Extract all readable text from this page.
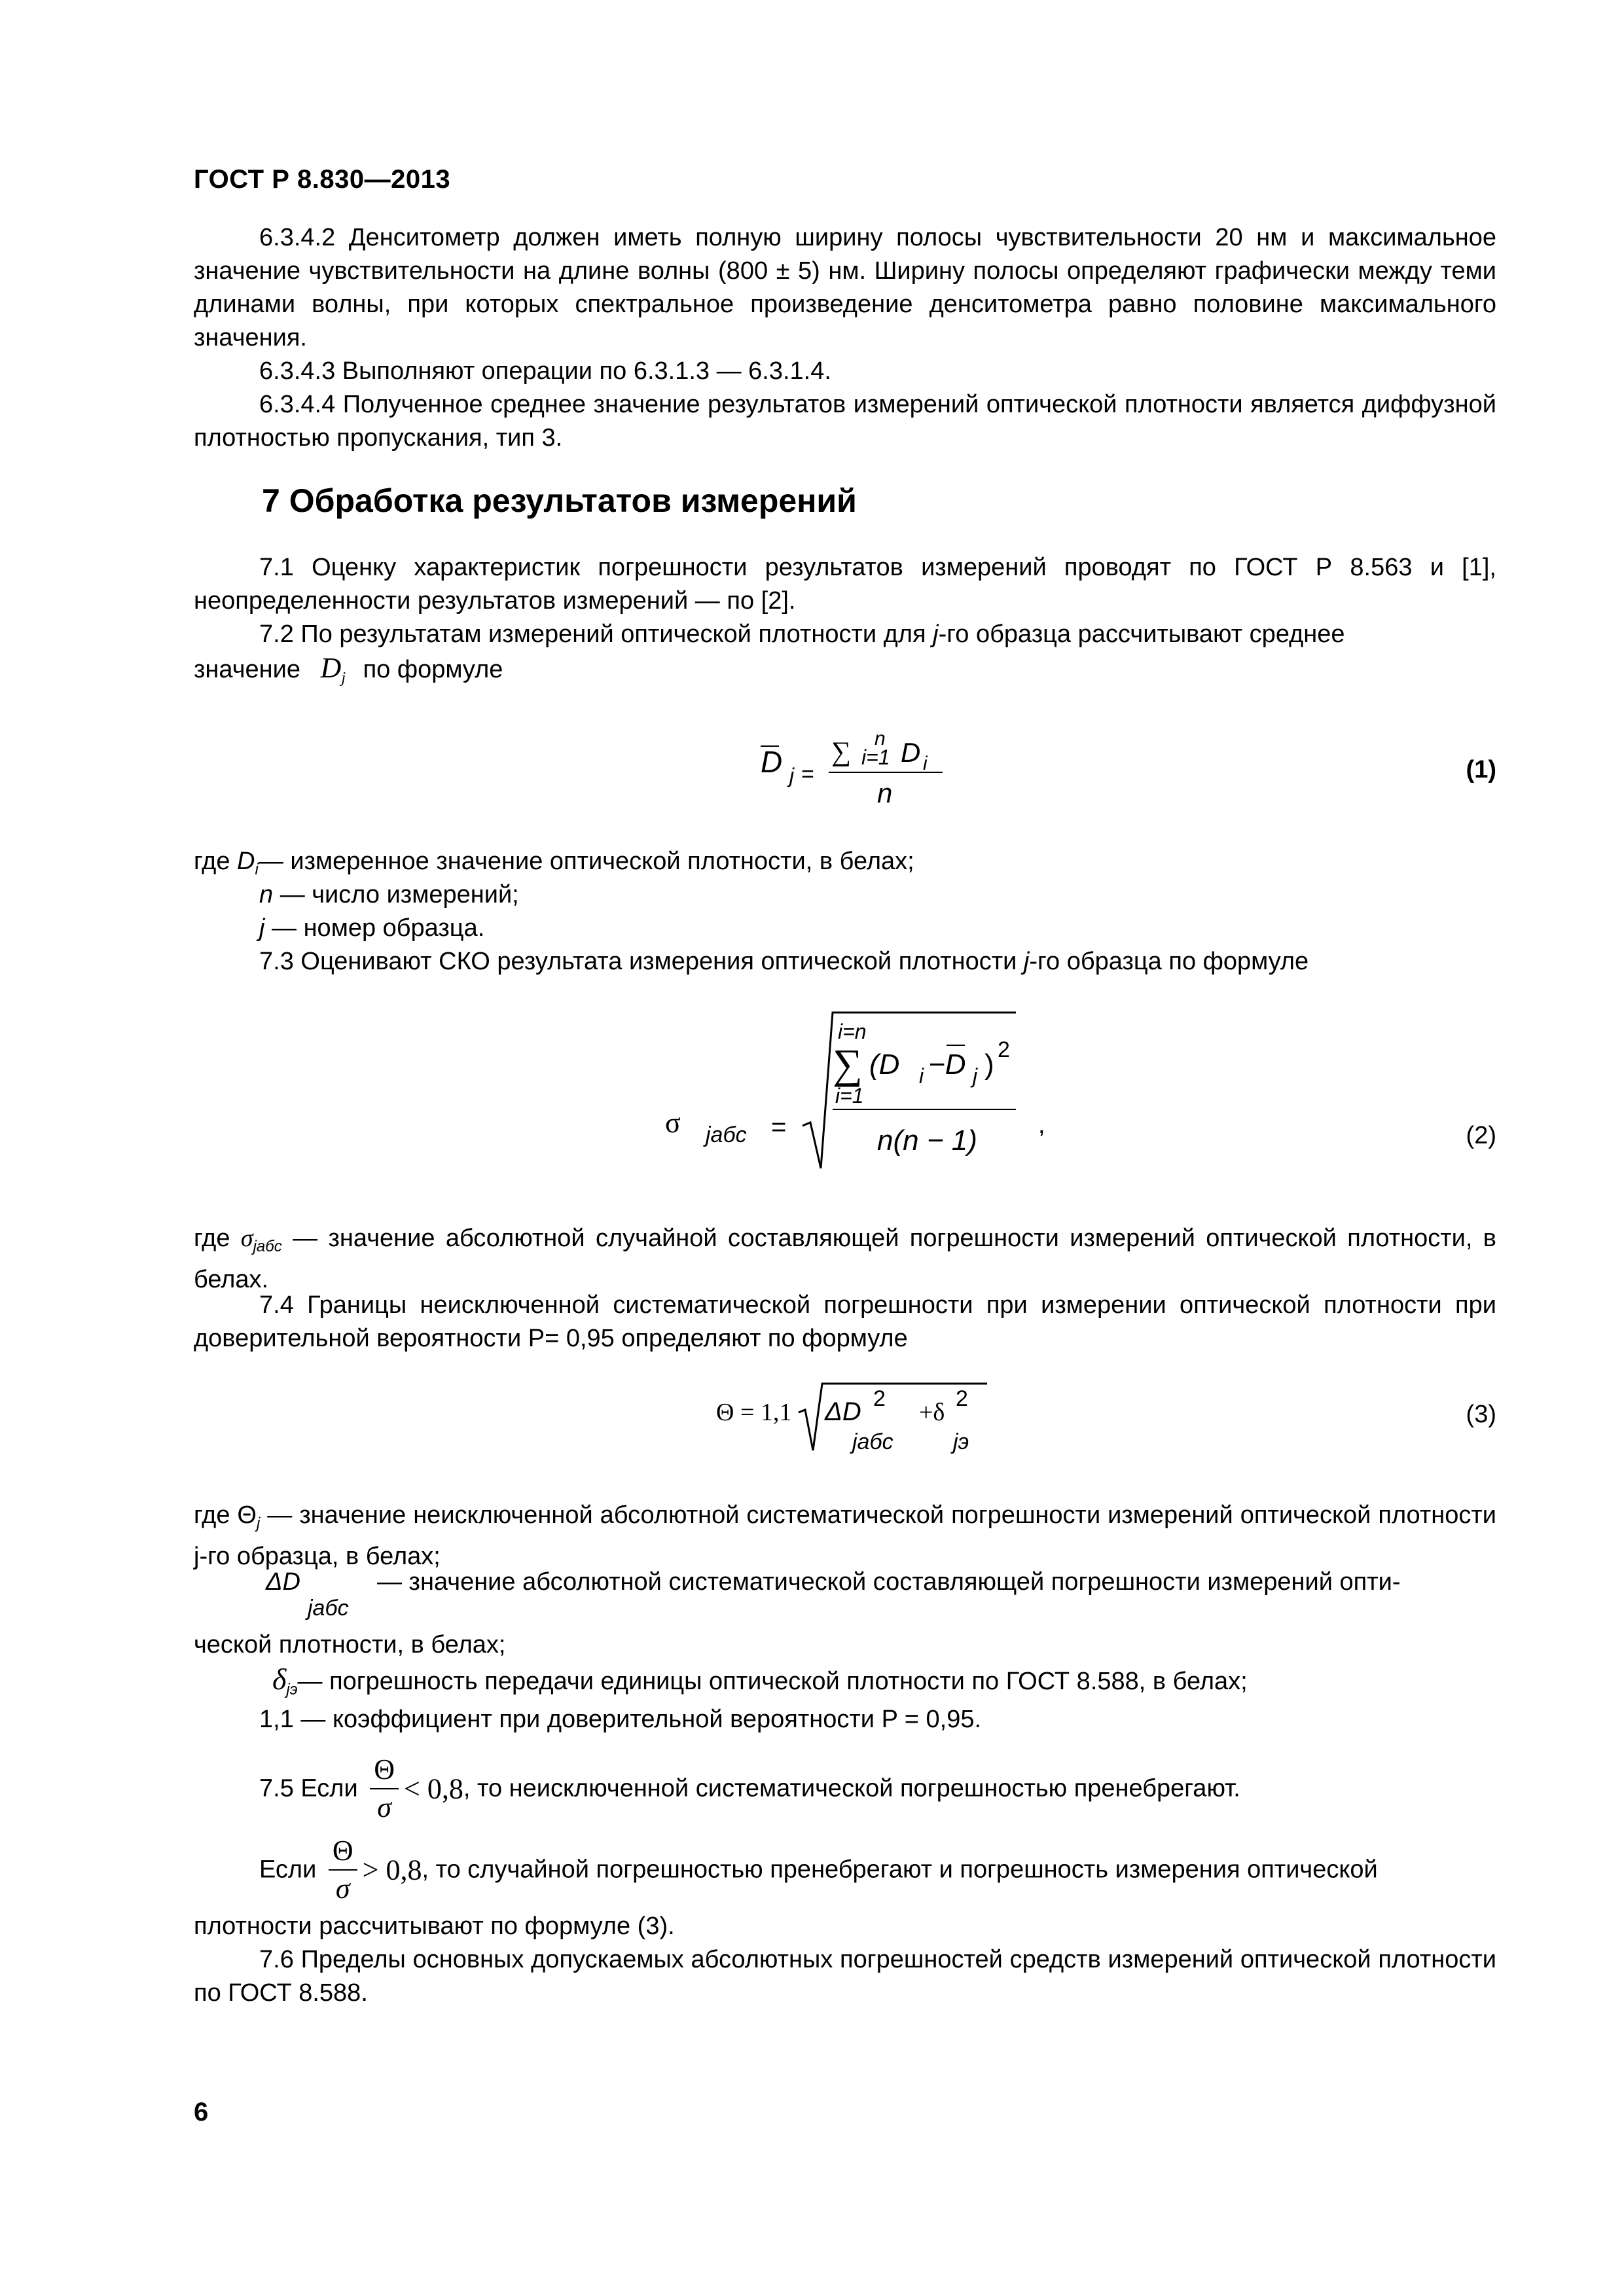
ГОСТ Р 8.830—2013
6.3.4.2 Денситометр должен иметь полную ширину полосы чувствительности 20 нм и максимальное значение чувствительности на длине волны (800 ± 5) нм. Ширину полосы определяют графически между теми длинами волны, при которых спектральное произведение денситометра равно половине максимального значения.
6.3.4.3 Выполняют операции по 6.3.1.3 — 6.3.1.4.
6.3.4.4 Полученное среднее значение результатов измерений оптической плотности является диффузной плотностью пропускания, тип 3.
7 Обработка результатов измерений
7.1 Оценку характеристик погрешности результатов измерений проводят по ГОСТ Р 8.563 и [1], неопределенности результатов измерений — по [2].
7.2 По результатам измерений оптической плотности для j-го образца рассчитывают среднее
значение $D_j$ по формуле
D j =
∑ n
i=1 D i
n
(1)
где $D_i—$ измеренное значение оптической плотности, в белах;
n — число измерений;
j — номер образца.
7.3 Оценивают СКО результата измерения оптической плотности j-го образца по формуле
σ jабс =
i=n
∑
i=1
(D i −D j ) 2
n(n − 1) ,	(2)
где $\sigma_{jабс}$ — значение абсолютной случайной составляющей погрешности измерений оптической плотности, в белах.
7.4 Границы неисключенной систематической погрешности при измерении оптической плотности при доверительной вероятности P= 0,95 определяют по формуле
Θ = 1,1 ΔD 2
jабс
+δ 2
jэ
(3)
где $\Theta_j$ — значение неисключенной абсолютной систематической погрешности измерений оптической плотности j-го образца, в белах;
ΔD
jабс
— значение абсолютной систематической составляющей погрешности измерений опти-
ческой плотности, в белах;
$\delta_{jэ}—$ погрешность передачи единицы оптической плотности по ГОСТ 8.588, в белах;
1,1 — коэффициент при доверительной вероятности P = 0,95.
7.5 Если $\frac{\Theta}{\sigma} < 0,8$, то неисключенной систематической погрешностью пренебрегают.
Если $\frac{\Theta}{\sigma} > 0,8$, то случайной погрешностью пренебрегают и погрешность измерения оптической
плотности рассчитывают по формуле (3).
7.6 Пределы основных допускаемых абсолютных погрешностей средств измерений оптической плотности по ГОСТ 8.588.
6
